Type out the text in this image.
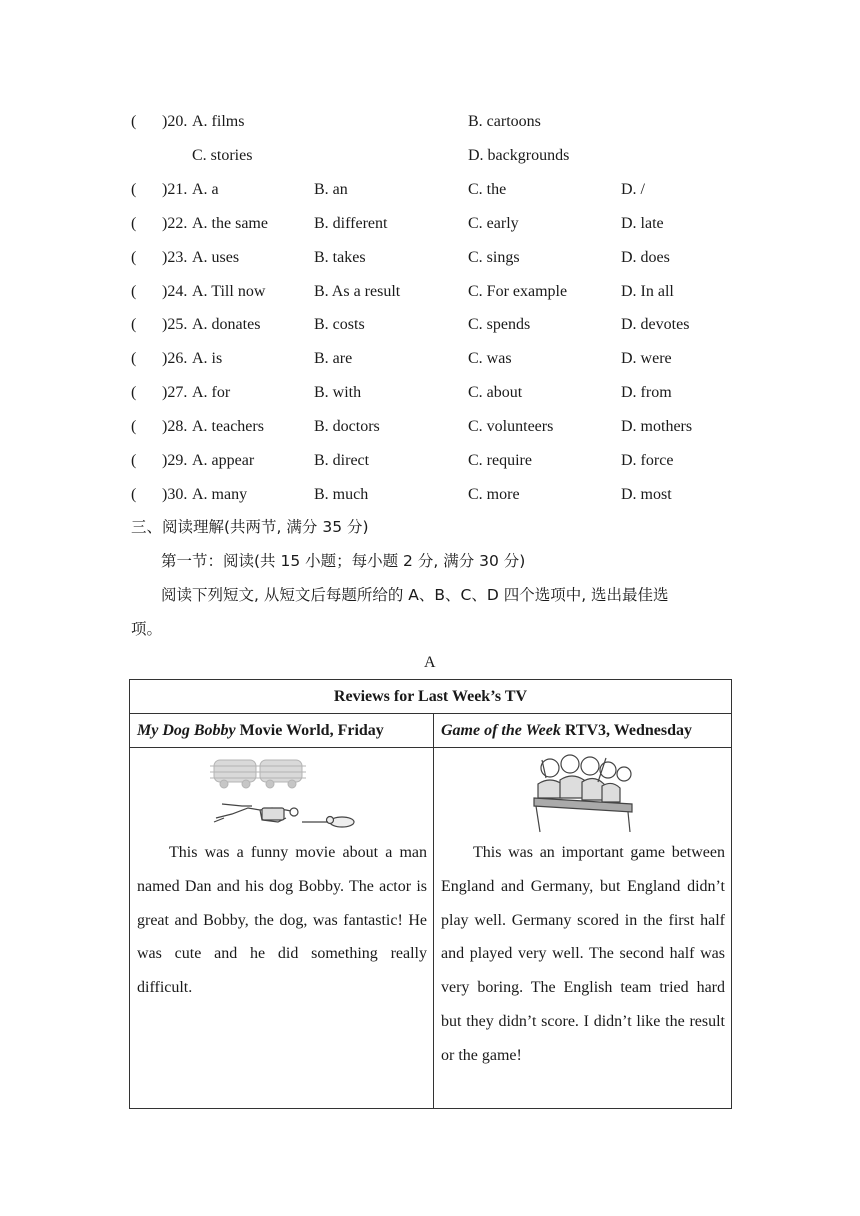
( )20. A. films	B. cartoons
C. stories	D. backgrounds
( )21. A. a	B. an	C. the	D. /
( )22. A. the same	B. different	C. early	D. late
( )23. A. uses	B. takes	C. sings	D. does
( )24. A. Till now	B. As a result	C. For example	D. In all
( )25. A. donates	B. costs	C. spends	D. devotes
( )26. A. is	B. are	C. was	D. were
( )27. A. for	B. with	C. about	D. from
( )28. A. teachers	B. doctors	C. volunteers	D. mothers
( )29. A. appear	B. direct	C. require	D. force
( )30. A. many	B. much	C. more	D. most
三、阅读理解(共两节, 满分 35 分)
第一节：阅读(共 15 小题；每小题 2 分, 满分 30 分)
阅读下列短文, 从短文后每题所给的 A、B、C、D 四个选项中, 选出最佳选
项。
A
Reviews for Last Week’s TV	
My Dog Bobby Movie World, Friday	Game of the Week RTV3, Wednesday

This was a funny movie about a man named Dan and his dog Bobby. The actor is great and Bobby, the dog, was fantastic! He was cute and he did something really difficult.	This was an important game between England and Germany, but England didn’t play well. Germany scored in the first half and played very well. The second half was very boring. The English team tried hard but they didn’t score. I didn’t like the result or the game!
